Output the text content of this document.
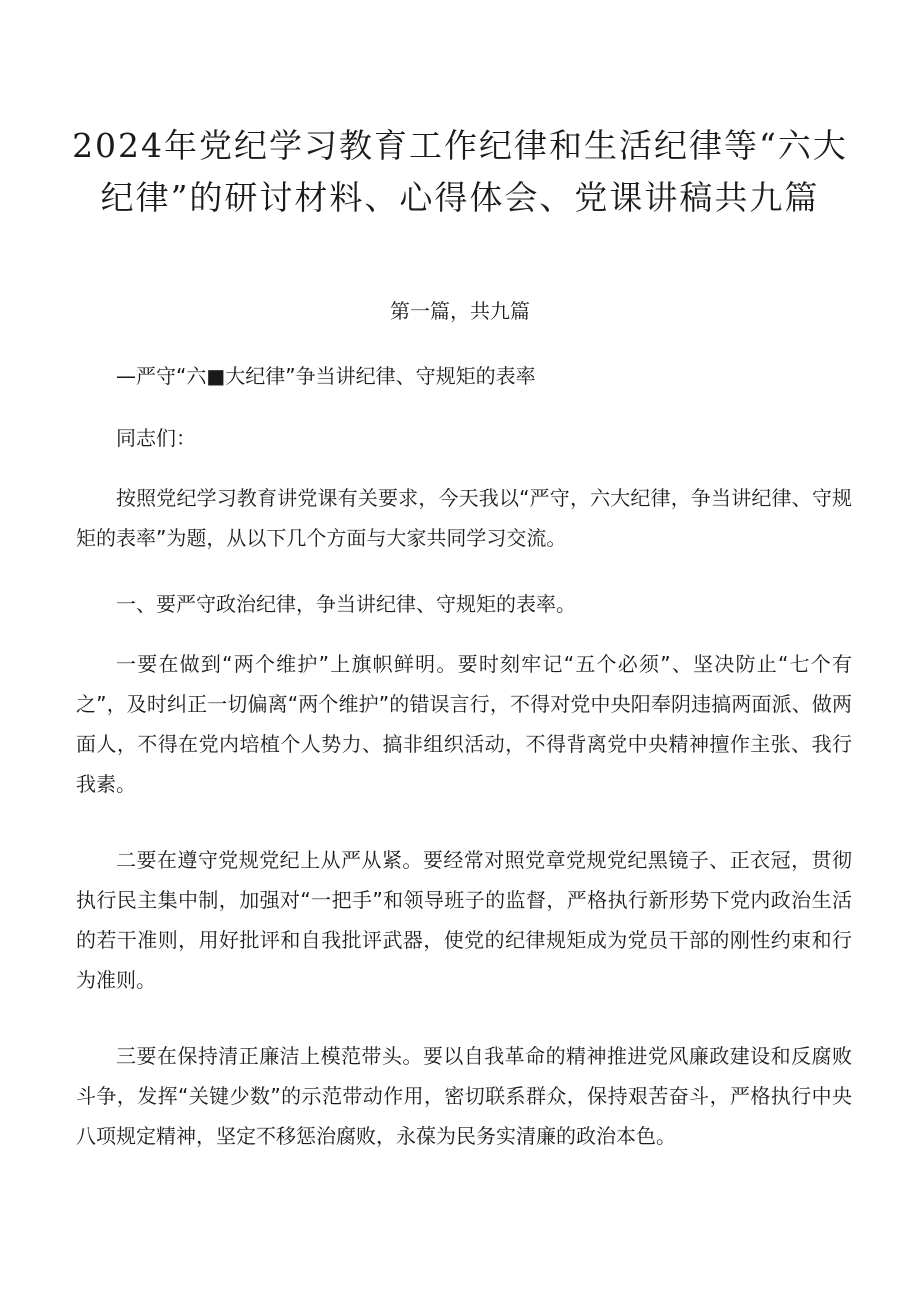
2024年党纪学习教育工作纪律和生活纪律等“六大纪律”的研讨材料、心得体会、党课讲稿共九篇

第一篇，共九篇

—严守“六■大纪律”争当讲纪律、守规矩的表率

同志们：

按照党纪学习教育讲党课有关要求，今天我以“严守，六大纪律，争当讲纪律、守规矩的表率”为题，从以下几个方面与大家共同学习交流。

一、要严守政治纪律，争当讲纪律、守规矩的表率。

一要在做到“两个维护”上旗帜鲜明。要时刻牢记“五个必须”、坚决防止“七个有之”，及时纠正一切偏离“两个维护”的错误言行，不得对党中央阳奉阴违搞两面派、做两面人，不得在党内培植个人势力、搞非组织活动，不得背离党中央精神擅作主张、我行我素。

二要在遵守党规党纪上从严从紧。要经常对照党章党规党纪黑镜子、正衣冠，贯彻执行民主集中制，加强对“一把手”和领导班子的监督，严格执行新形势下党内政治生活的若干准则，用好批评和自我批评武器，使党的纪律规矩成为党员干部的刚性约束和行为准则。

三要在保持清正廉洁上模范带头。要以自我革命的精神推进党风廉政建设和反腐败斗争，发挥“关键少数”的示范带动作用，密切联系群众，保持艰苦奋斗，严格执行中央八项规定精神，坚定不移惩治腐败，永葆为民务实清廉的政治本色。
